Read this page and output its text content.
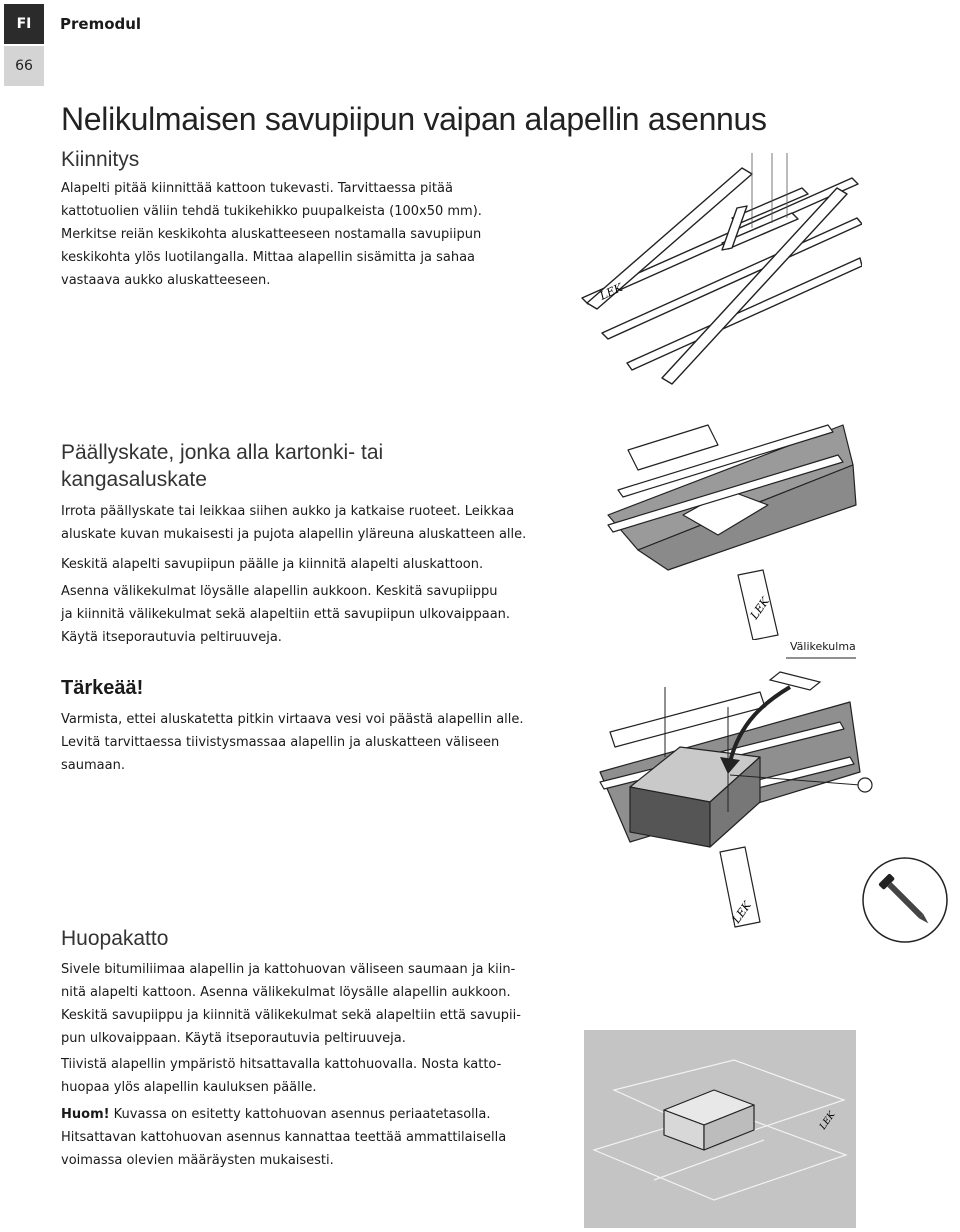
FI
66
Premodul
Nelikulmaisen savupiipun vaipan alapellin asennus
Kiinnitys
Alapelti pitää kiinnittää kattoon tukevasti. Tarvittaessa pitää
kattotuolien väliin tehdä tukikehikko puupalkeista (100x50 mm).
Merkitse reiän keskikohta aluskatteeseen nostamalla savupiipun
keskikohta ylös luotilangalla. Mittaa alapellin sisämitta ja sahaa
vastaava aukko aluskatteeseen.
Päällyskate, jonka alla kartonki- tai
kangasaluskate
Irrota päällyskate tai leikkaa siihen aukko ja katkaise ruoteet. Leikkaa
aluskate kuvan mukaisesti ja pujota alapellin yläreuna aluskatteen alle.
Keskitä alapelti savupiipun päälle ja kiinnitä alapelti aluskattoon.
Asenna välikekulmat löysälle alapellin aukkoon. Keskitä savupiippu
ja kiinnitä välikekulmat sekä alapeltiin että savupiipun ulkovaippaan.
Käytä itseporautuvia peltiruuveja.
Tärkeää!
Varmista, ettei aluskatetta pitkin virtaava vesi voi päästä alapellin alle.
Levitä tarvittaessa tiivistysmassaa alapellin ja aluskatteen väliseen
saumaan.
Huopakatto
Sivele bitumiliimaa alapellin ja kattohuovan väliseen saumaan ja kiin-
nitä alapelti kattoon. Asenna välikekulmat löysälle alapellin aukkoon.
Keskitä savupiippu ja kiinnitä välikekulmat sekä alapeltiin että savupii-
pun ulkovaippaan. Käytä itseporautuvia peltiruuveja.
Tiivistä alapellin ympäristö hitsattavalla kattohuovalla. Nosta katto-
huopaa ylös alapellin kauluksen päälle.
Huom! Kuvassa on esitetty kattohuovan asennus periaatetasolla.
Hitsattavan kattohuovan asennus kannattaa teettää ammattilaisella
voimassa olevien määräysten mukaisesti.
LEK
LEK
Välikekulma
LEK
LEK
